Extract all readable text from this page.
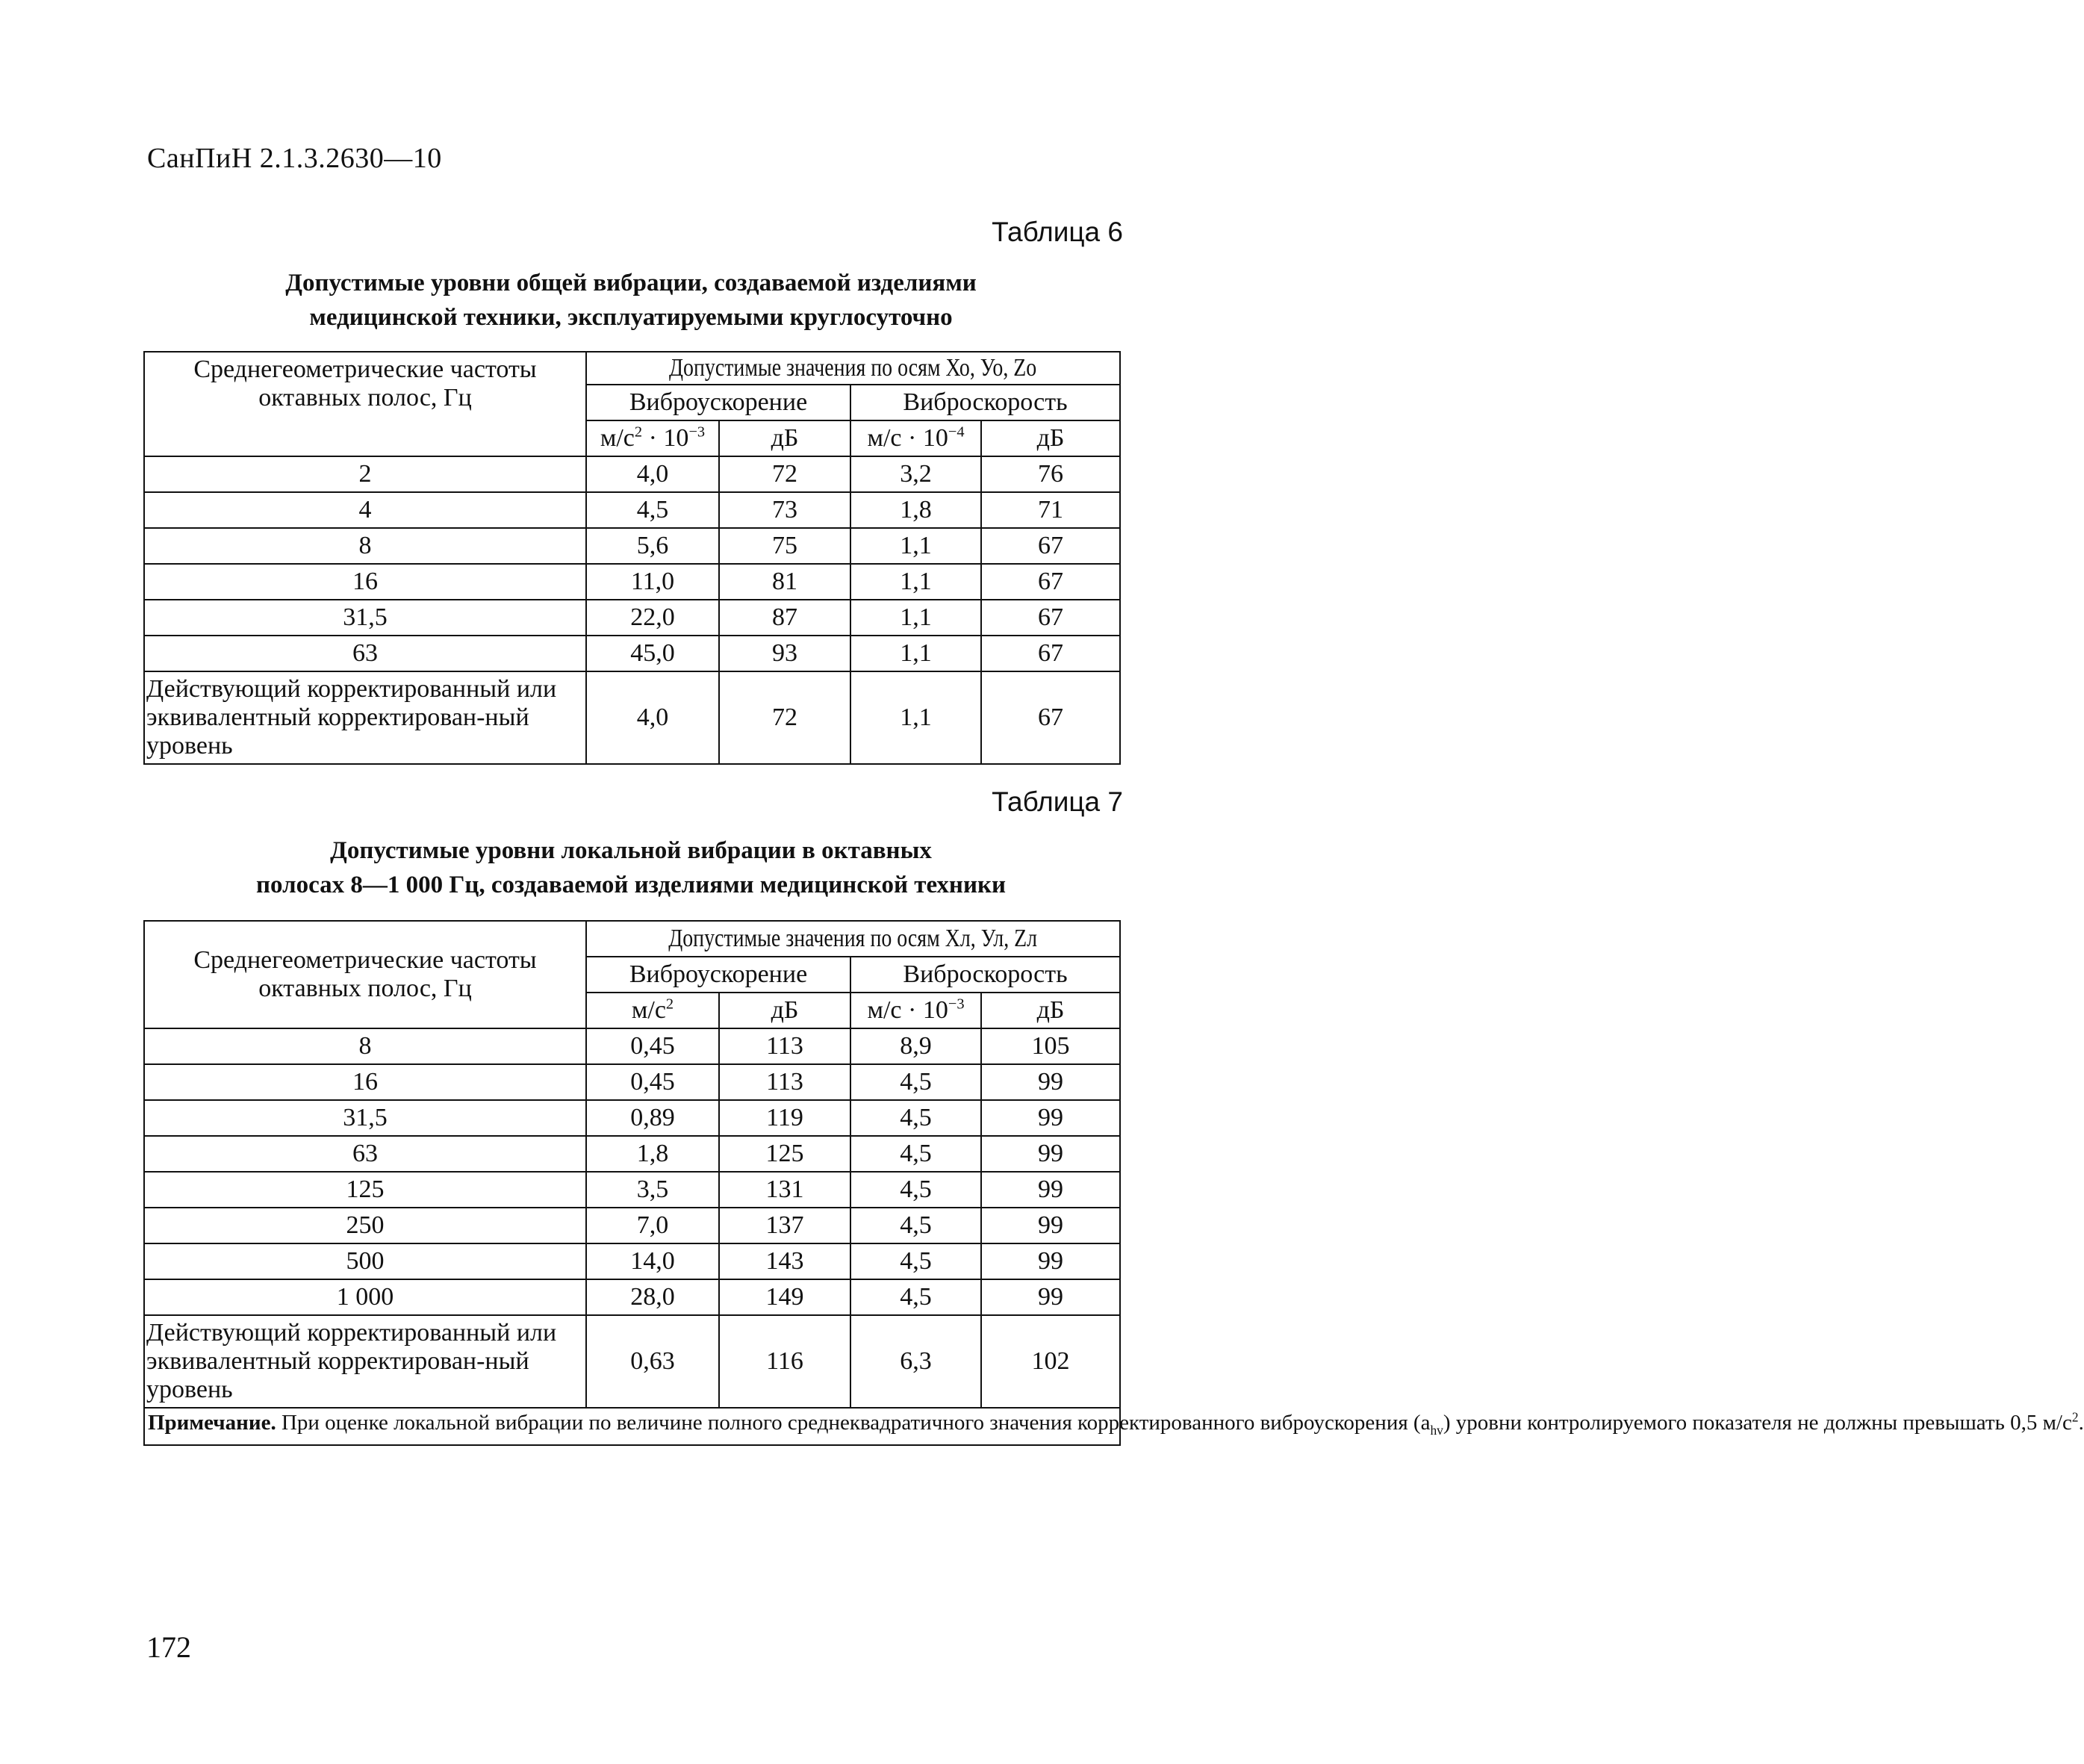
СанПиН 2.1.3.2630—10
Таблица 6
Допустимые уровни общей вибрации, создаваемой изделиями
медицинской техники, эксплуатируемыми круглосуточно
Среднегеометрические частоты октавных полос, Гц	Допустимые значения по осям Хо, Уо, Zо			
	Виброускорение		Виброскорость	
	$м/с^2 \cdot 10^{-3}$	дБ	$м/с \cdot 10^{-4}$	дБ
2	4,0	72	3,2	76
4	4,5	73	1,8	71
8	5,6	75	1,1	67
16	11,0	81	1,1	67
31,5	22,0	87	1,1	67
63	45,0	93	1,1	67
Действующий корректированный или эквивалентный корректирован-ный уровень	4,0	72	1,1	67
Таблица 7
Допустимые уровни локальной вибрации в октавных
полосах 8—1 000 Гц, создаваемой изделиями медицинской техники
Среднегеометрические частоты октавных полос, Гц	Допустимые значения по осям Хл, Ул, Zл			
	Виброускорение		Виброскорость	
	$м/с^2$	дБ	$м/с \cdot 10^{-3}$	дБ
8	0,45	113	8,9	105
16	0,45	113	4,5	99
31,5	0,89	119	4,5	99
63	1,8	125	4,5	99
125	3,5	131	4,5	99
250	7,0	137	4,5	99
500	14,0	143	4,5	99
1 000	28,0	149	4,5	99
Действующий корректированный или эквивалентный корректирован-ный уровень	0,63	116	6,3	102
Примечание. При оценке локальной вибрации по величине полного среднеквадратичного значения корректированного виброускорения $(a_{hv})$ уровни контролируемого показателя не должны превышать 0,5 $м/с^2$.				
172
